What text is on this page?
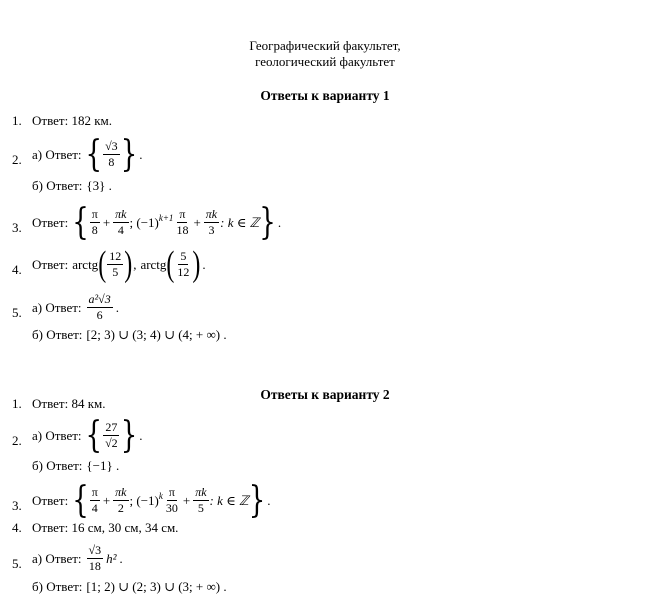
Географический факультет,
геологический факультет
Ответы к варианту 1
1. Ответ: 182 км.
2. а) Ответ: { $\frac{√3}{8}$ } .
б) Ответ: {3} .
3. Ответ: { $\frac{\pi}{8} + \frac{\pi k}{4}$ ; (−1) $k+1 \frac{\pi}{18} + \frac{\pi k}{3}$ : k ∈ ℤ } .
4. Ответ: arctg ( $\frac{12}{5}$ ) , arctg ( $\frac{5}{12}$ ) .
5. а) Ответ: $\frac{\text{a²√3}}{6}$ .
б) Ответ: [2; 3) ∪ (3; 4) ∪ (4; + ∞) .
Ответы к варианту 2
1. Ответ: 84 км.
2. а) Ответ: { $\frac{27}{√2}$ } .
б) Ответ: {−1} .
3. Ответ: { $\frac{\pi}{4} + \frac{\pi k}{2}$ ; (−1) k $\frac{\pi}{30} + \frac{\pi k}{5}$ : k ∈ ℤ } .
4. Ответ: 16 см, 30 см, 34 см.
5. а) Ответ: $\frac{√3}{18} h^2$ .
б) Ответ: [1; 2) ∪ (2; 3) ∪ (3; + ∞) .
